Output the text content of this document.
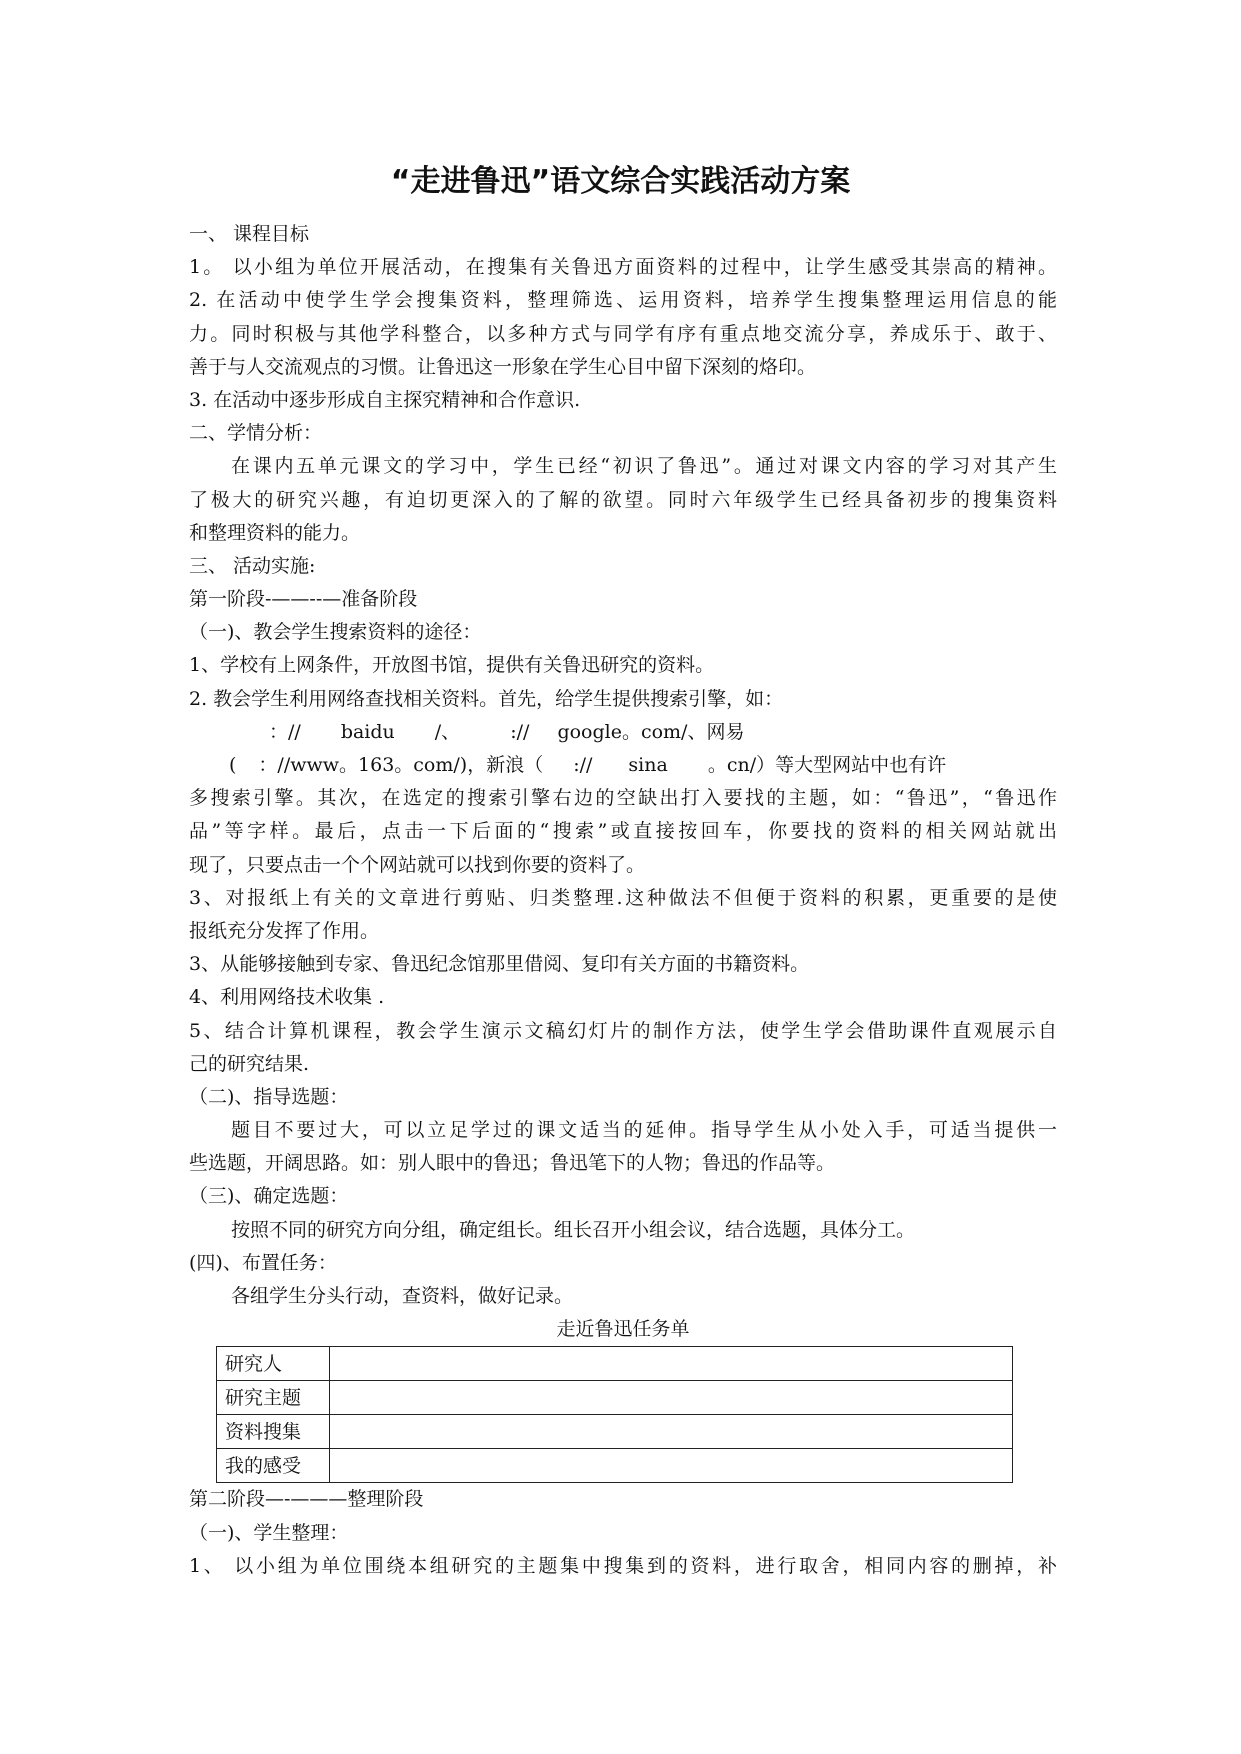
“走进鲁迅”语文综合实践活动方案

一、 课程目标

1。 以小组为单位开展活动，在搜集有关鲁迅方面资料的过程中，让学生感受其崇高的精神。

2. 在活动中使学生学会搜集资料，整理筛选、运用资料，培养学生搜集整理运用信息的能

力。同时积极与其他学科整合，以多种方式与同学有序有重点地交流分享，养成乐于、敢于、

善于与人交流观点的习惯。让鲁迅这一形象在学生心目中留下深刻的烙印。

3. 在活动中逐步形成自主探究精神和合作意识.

二、学情分析：

在课内五单元课文的学习中，学生已经“初识了鲁迅”。通过对课文内容的学习对其产生

了极大的研究兴趣，有迫切更深入的了解的欲望。同时六年级学生已经具备初步的搜集资料

和整理资料的能力。

三、 活动实施:

第一阶段-——--—准备阶段

（一)、教会学生搜索资料的途径：

1、学校有上网条件，开放图书馆，提供有关鲁迅研究的资料。

2. 教会学生利用网络查找相关资料。首先，给学生提供搜索引擎，如：

：// baidu /、	:// google。com/、网易

( ：//www。163。com/)，新浪（ :// sina 。cn/）等大型网站中也有许

多搜索引擎。其次，在选定的搜索引擎右边的空缺出打入要找的主题，如：“鲁迅”，“鲁迅作

品”等字样。最后，点击一下后面的“搜索”或直接按回车，你要找的资料的相关网站就出

现了，只要点击一个个网站就可以找到你要的资料了。

3、对报纸上有关的文章进行剪贴、归类整理.这种做法不但便于资料的积累，更重要的是使

报纸充分发挥了作用。

3、从能够接触到专家、鲁迅纪念馆那里借阅、复印有关方面的书籍资料。

4、利用网络技术收集 .

5、结合计算机课程，教会学生演示文稿幻灯片的制作方法，使学生学会借助课件直观展示自

己的研究结果.

（二)、指导选题：

题目不要过大，可以立足学过的课文适当的延伸。指导学生从小处入手，可适当提供一

些选题，开阔思路。如：别人眼中的鲁迅；鲁迅笔下的人物；鲁迅的作品等。

（三)、确定选题：

按照不同的研究方向分组，确定组长。组长召开小组会议，结合选题，具体分工。

(四)、布置任务：

各组学生分头行动，查资料，做好记录。

走近鲁迅任务单

研究人	
研究主题	
资料搜集	
我的感受	

第二阶段—-———整理阶段

（一)、学生整理：

1、 以小组为单位围绕本组研究的主题集中搜集到的资料，进行取舍，相同内容的删掉，补
